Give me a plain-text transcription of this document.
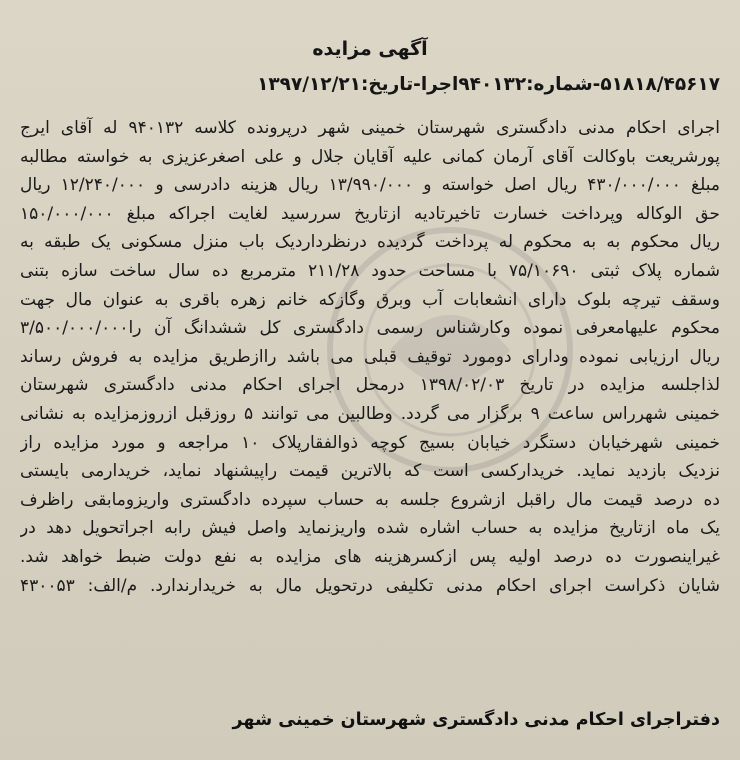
آگهی مزایده
۵۱۸۱۸/۴۵۶۱۷-شماره:۹۴۰۱۳۲اجرا-تاریخ:۱۳۹۷/۱۲/۲۱
اجرای احکام مدنی دادگستری شهرستان خمینی شهر درپرونده کلاسه ۹۴۰۱۳۲ له آقای ایرج
پورشریعت باوکالت آقای آرمان کمانی علیه آقایان جلال و علی اصغرعزیزی به خواسته مطالبه
مبلغ ۴۳۰/۰۰۰/۰۰۰ ریال اصل خواسته و ۱۳/۹۹۰/۰۰۰ ریال هزینه دادرسی و ۱۲/۲۴۰/۰۰۰ ریال
حق الوکاله وپرداخت خسارت تاخیرتادیه ازتاریخ سررسید لغایت اجراکه مبلغ ۱۵۰/۰۰۰/۰۰۰
ریال محکوم به به محکوم له پرداخت گردیده درنظرداردیک باب منزل مسکونی یک طبقه به
شماره پلاک ثبتی ۷۵/۱۰۶۹۰ با مساحت حدود ۲۱۱/۲۸ مترمربع ده سال ساخت سازه بتنی
وسقف تیرچه بلوک دارای انشعابات آب وبرق وگازکه خانم زهره باقری به عنوان مال جهت
محکوم علیهامعرفی نموده وکارشناس رسمی دادگستری کل ششدانگ آن را۳/۵۰۰/۰۰۰/۰۰۰
ریال ارزیابی نموده ودارای دومورد توقیف قبلی می باشد راازطریق مزایده به فروش رساند
لذاجلسه مزایده در تاریخ ۱۳۹۸/۰۲/۰۳ درمحل اجرای احکام مدنی دادگستری شهرستان
خمینی شهرراس ساعت ۹ برگزار می گردد. وطالبین می توانند ۵ روزقبل ازروزمزایده به نشانی
خمینی شهرخیابان دستگرد خیابان بسیج کوچه ذوالفقارپلاک ۱۰ مراجعه و مورد مزایده راز
نزدیک بازدید نماید. خریدارکسی است که بالاترین قیمت راپیشنهاد نماید، خریدارمی بایستی
ده درصد قیمت مال راقبل ازشروع جلسه به حساب سپرده دادگستری واریزومابقی راظرف
یک ماه ازتاریخ مزایده به حساب اشاره شده واریزنماید واصل فیش رابه اجراتحویل دهد در
غیراینصورت ده درصد اولیه پس ازکسرهزینه های مزایده به نفع دولت ضبط خواهد شد.
شایان ذکراست اجرای احکام مدنی تکلیفی درتحویل مال به خریدارندارد. م/الف: ۴۳۰۰۵۳
دفتراجرای احکام مدنی دادگستری شهرستان خمینی شهر
